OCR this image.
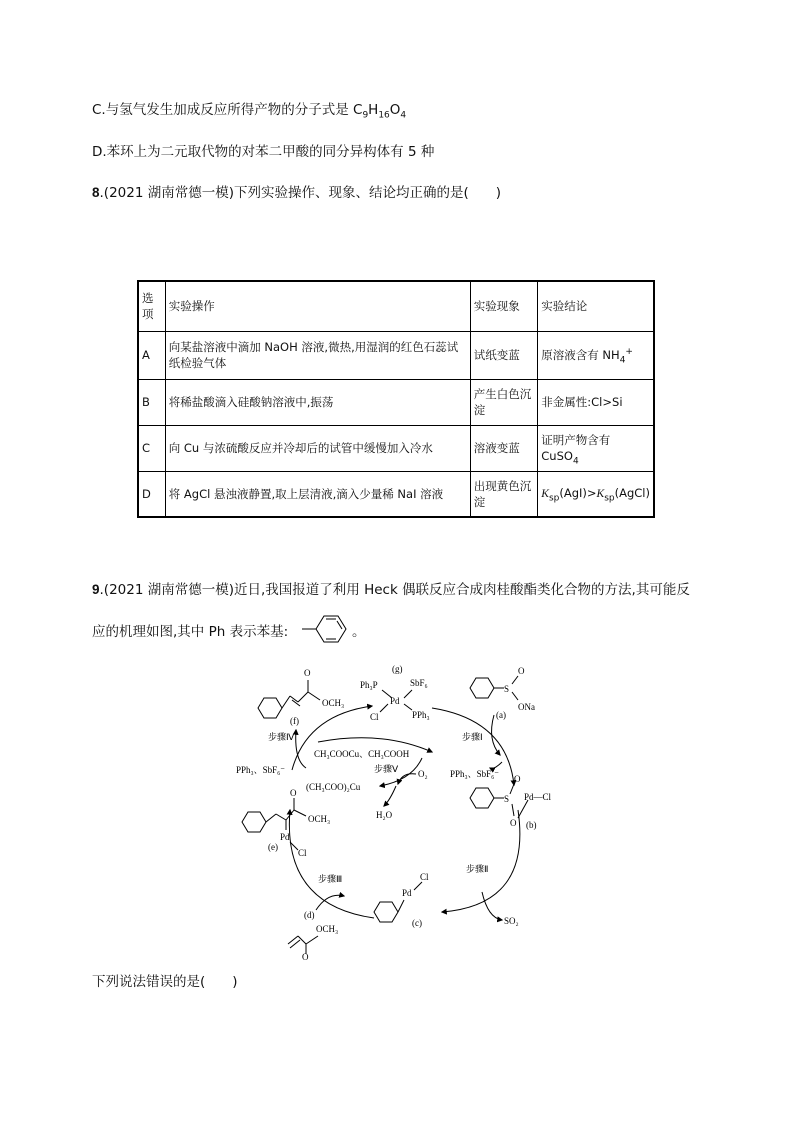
C.与氢气发生加成反应所得产物的分子式是 $C_9H_{16}O_4$
D.苯环上为二元取代物的对苯二甲酸的同分异构体有 5 种
8.(2021 湖南常德一模)下列实验操作、现象、结论均正确的是(　　)
选项	实验操作	实验现象	实验结论
A	向某盐溶液中滴加 NaOH 溶液,微热,用湿润的红色石蕊试纸检验气体	试纸变蓝	原溶液含有 $NH_4^+$
B	将稀盐酸滴入硅酸钠溶液中,振荡	产生白色沉淀	非金属性:Cl>Si
C	向 Cu 与浓硫酸反应并冷却后的试管中缓慢加入冷水	溶液变蓝	证明产物含有 CuSO$_4$
D	将 AgCl 悬浊液静置,取上层清液,滴入少量稀 NaI 溶液	出现黄色沉淀	$K_{sp}(AgI)>K_{sp}(AgCl)$
9.(2021 湖南常德一模)近日,我国报道了利用 Heck 偶联反应合成肉桂酸酯类化合物的方法,其可能反
应的机理如图,其中 Ph 表示苯基:	。
(g)
Ph₃P
Pd
SbF₆
Cl	PPh₃
S
O
ONa
(a)
步骤Ⅰ
PPh₃、SbF₆⁻
S
O
O
Pd—Cl
(b)
步骤Ⅱ
SO₂
Pd
Cl
(c)
步骤Ⅲ
(d)
O
OCH₃
O
OCH₃
Pd
Cl
(e)
O
OCH₃
(f)
步骤Ⅳ
PPh₃、SbF₆⁻
CH₃COOCu、CH₃COOH
步骤Ⅴ O₂
(CH₃COO)₂Cu
H₂O
下列说法错误的是(　　)
